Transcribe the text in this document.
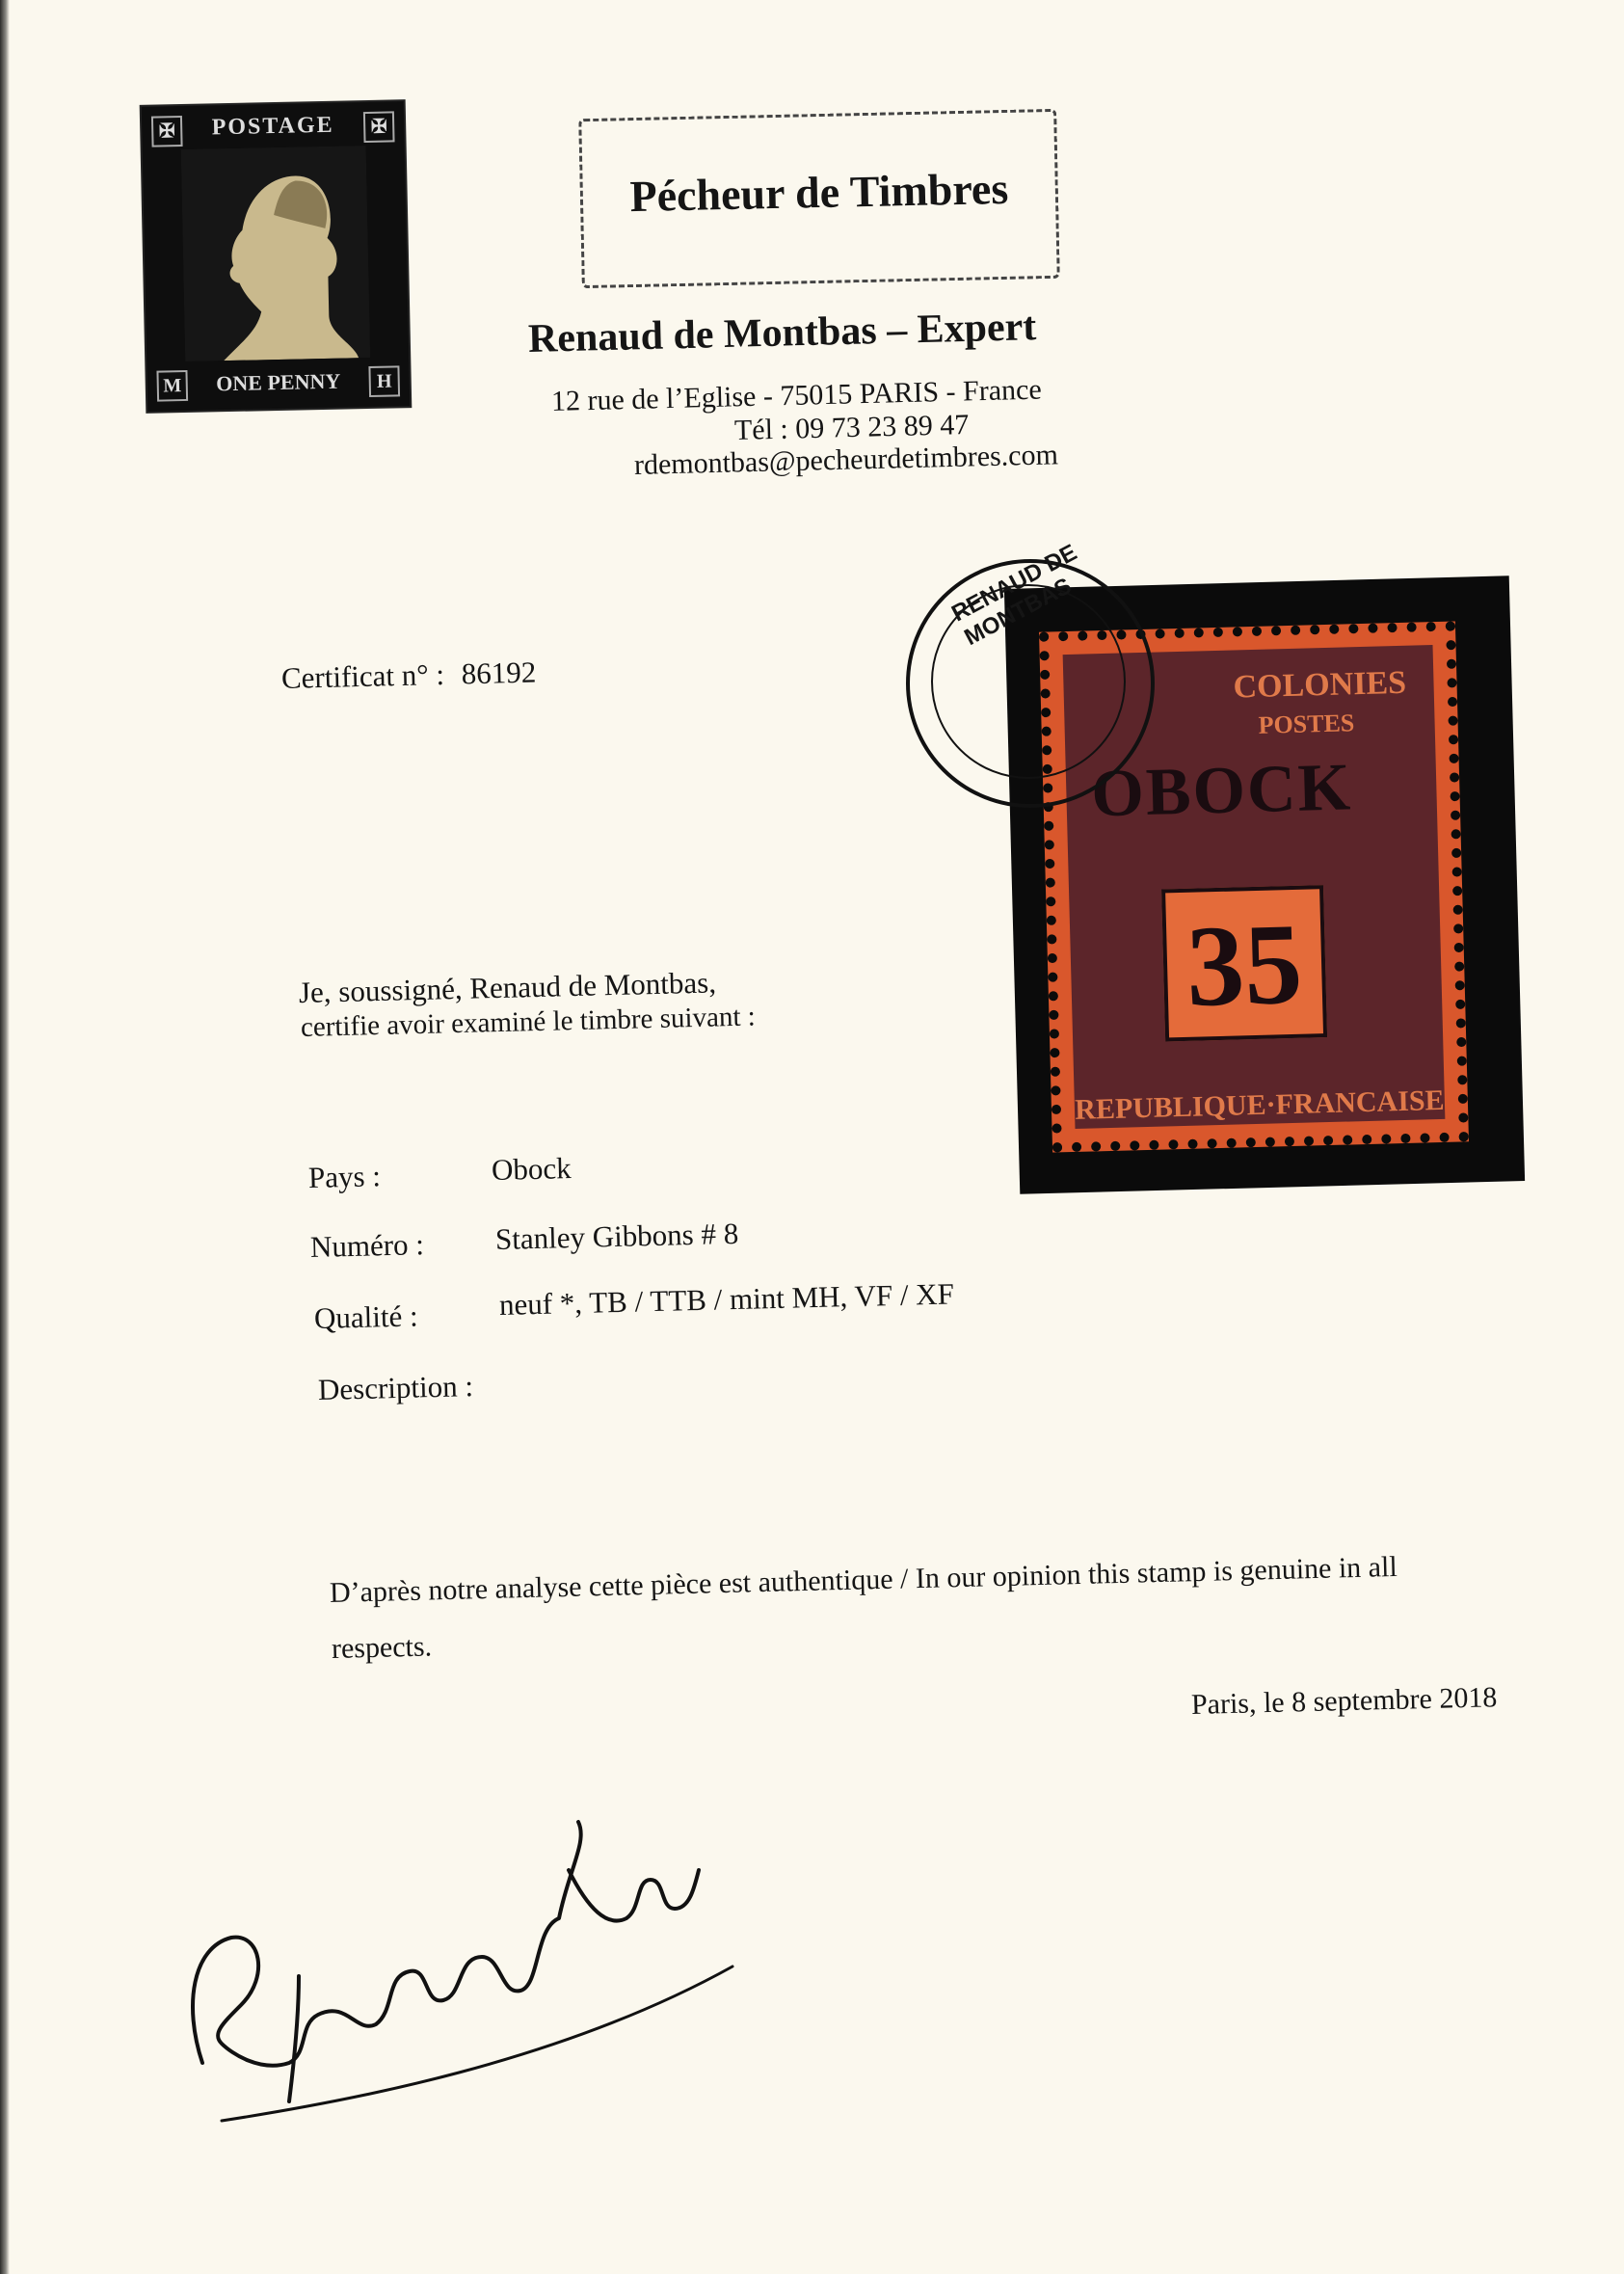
POSTAGE
✠	✠
M	ONE PENNY	H
Pécheur de Timbres
Renaud de Montbas – Expert
12 rue de l’Eglise - 75015 PARIS - France
Tél : 09 73 23 89 47
rdemontbas@pecheurdetimbres.com
COLONIES
POSTES
OBOCK
35
REPUBLIQUE·FRANCAISE
RENAUD DE MONTBAS
Certificat n° : 86192
Je, soussigné, Renaud de Montbas,
certifie avoir examiné le timbre suivant :
Pays :	Obock
Numéro : Stanley Gibbons # 8
Qualité :	neuf *, TB / TTB / mint MH, VF / XF
Description :
D’après notre analyse cette pièce est authentique / In our opinion this stamp is genuine in all
respects.
Paris, le 8 septembre 2018
